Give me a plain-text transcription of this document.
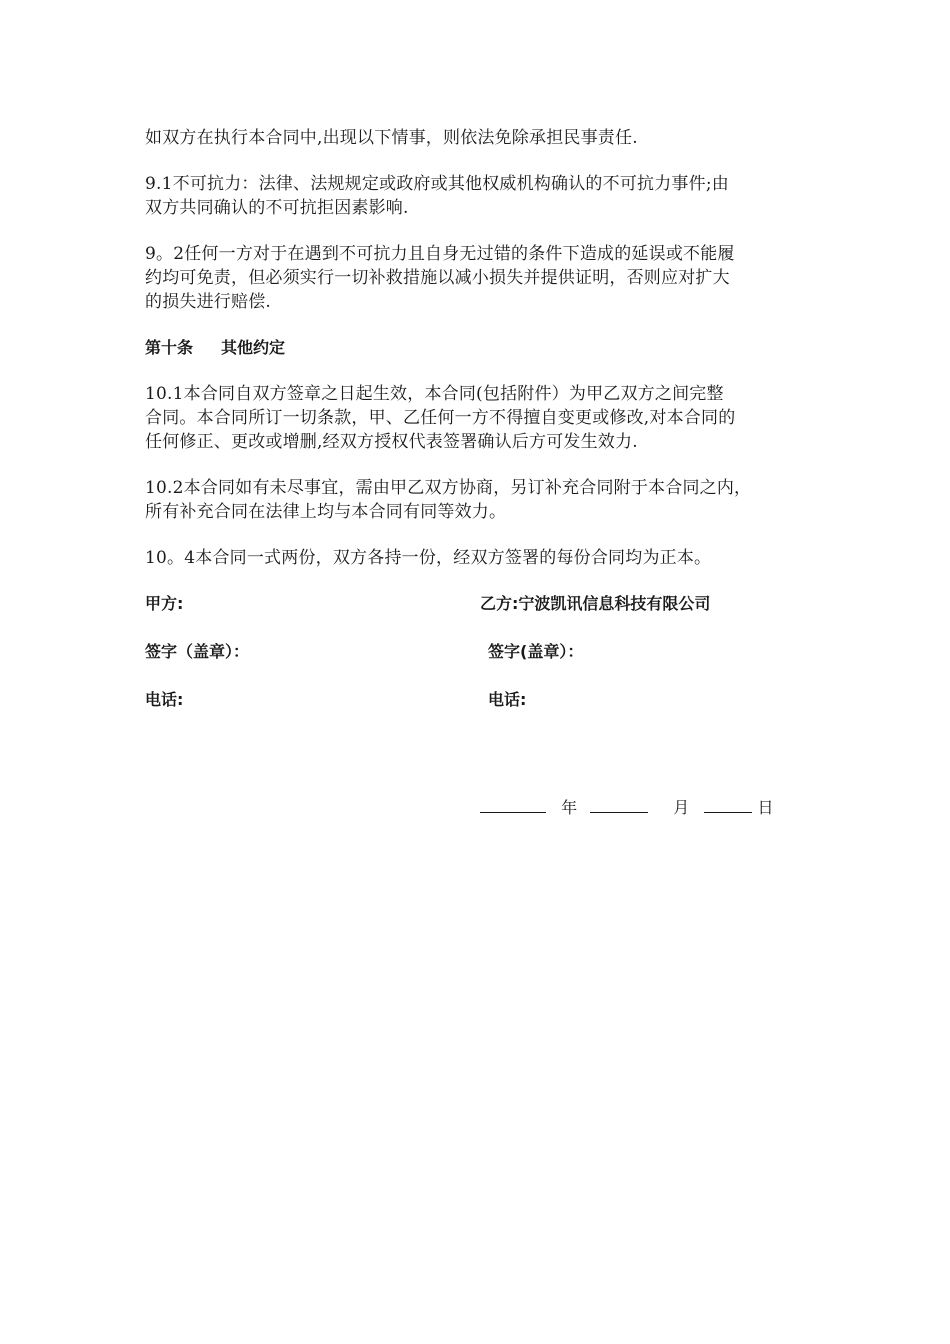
如双方在执行本合同中,出现以下情事，则依法免除承担民事责任.

9.1不可抗力：法律、法规规定或政府或其他权威机构确认的不可抗力事件;由
双方共同确认的不可抗拒因素影响.

9。2任何一方对于在遇到不可抗力且自身无过错的条件下造成的延误或不能履
约均可免责，但必须实行一切补救措施以减小损失并提供证明，否则应对扩大
的损失进行赔偿.

第十条 其他约定

10.1本合同自双方签章之日起生效，本合同(包括附件）为甲乙双方之间完整
合同。本合同所订一切条款，甲、乙任何一方不得擅自变更或修改,对本合同的
任何修正、更改或增删,经双方授权代表签署确认后方可发生效力.

10.2本合同如有未尽事宜，需由甲乙双方协商，另订补充合同附于本合同之内，
所有补充合同在法律上均与本合同有同等效力。

10。4本合同一式两份，双方各持一份，经双方签署的每份合同均为正本。

甲方:	乙方:宁波凯讯信息科技有限公司
签字（盖章）：	签字(盖章）：
电话:	电话:
年	月	日
